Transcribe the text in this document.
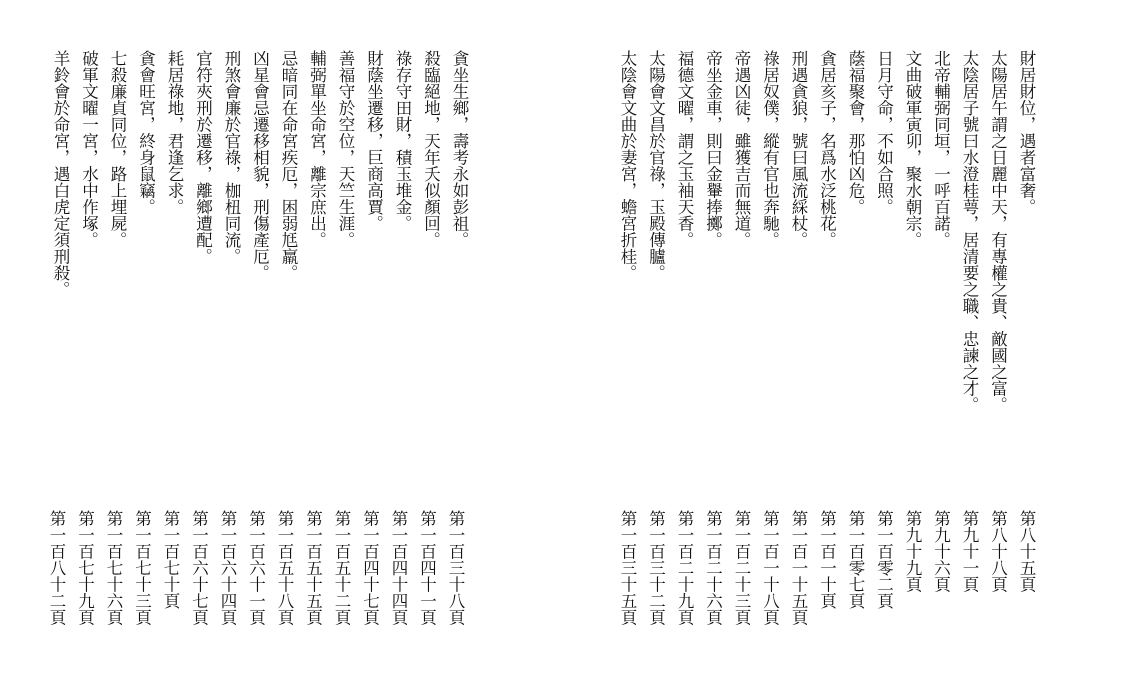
貪坐生鄉，壽考永如彭祖。
殺臨絕地，天年夭似顏回。
祿存守田財，積玉堆金。
財蔭坐遷移，巨商高賈。
善福守於空位，天竺生涯。
輔弼單坐命宮，離宗庶出。
忌暗同在命宮疾厄，困弱尪羸。
凶星會忌遷移相貌，刑傷產厄。
刑煞會廉於官祿，枷杻同流。
官符夾刑於遷移，離鄉遭配。
耗居祿地，君逢乞求。
貪會旺宮，終身鼠竊。
七殺廉貞同位，路上埋屍。
破軍文曜一宮，水中作塚。
羊鈴會於命宮，遇白虎定須刑殺。
第一百三十八頁
第一百四十一頁
第一百四十四頁
第一百四十七頁
第一百五十二頁
第一百五十五頁
第一百五十八頁
第一百六十一頁
第一百六十四頁
第一百六十七頁
第一百七十頁
第一百七十三頁
第一百七十六頁
第一百七十九頁
第一百八十二頁
財居財位，遇者富奢。
太陽居午謂之日麗中天，有專權之貴、敵國之富。
太陰居子號曰水澄桂萼，居清要之職、忠諫之才。
北帝輔弼同垣，一呼百諾。
文曲破軍寅卯，聚水朝宗。
日月守命，不如合照。
蔭福聚會，那怕凶危。
貪居亥子，名爲水泛桃花。
刑遇貪狼，號曰風流綵杖。
祿居奴僕，縱有官也奔馳。
帝遇凶徒，雖獲吉而無道。
帝坐金車，則曰金轝捧擲。
福德文曜，謂之玉袖天香。
太陽會文昌於官祿，玉殿傳臚。
太陰會文曲於妻宮，蟾宮折桂。
第八十五頁
第八十八頁
第九十一頁
第九十六頁
第九十九頁
第一百零二頁
第一百零七頁
第一百一十頁
第一百一十五頁
第一百一十八頁
第一百二十三頁
第一百二十六頁
第一百二十九頁
第一百三十二頁
第一百三十五頁
